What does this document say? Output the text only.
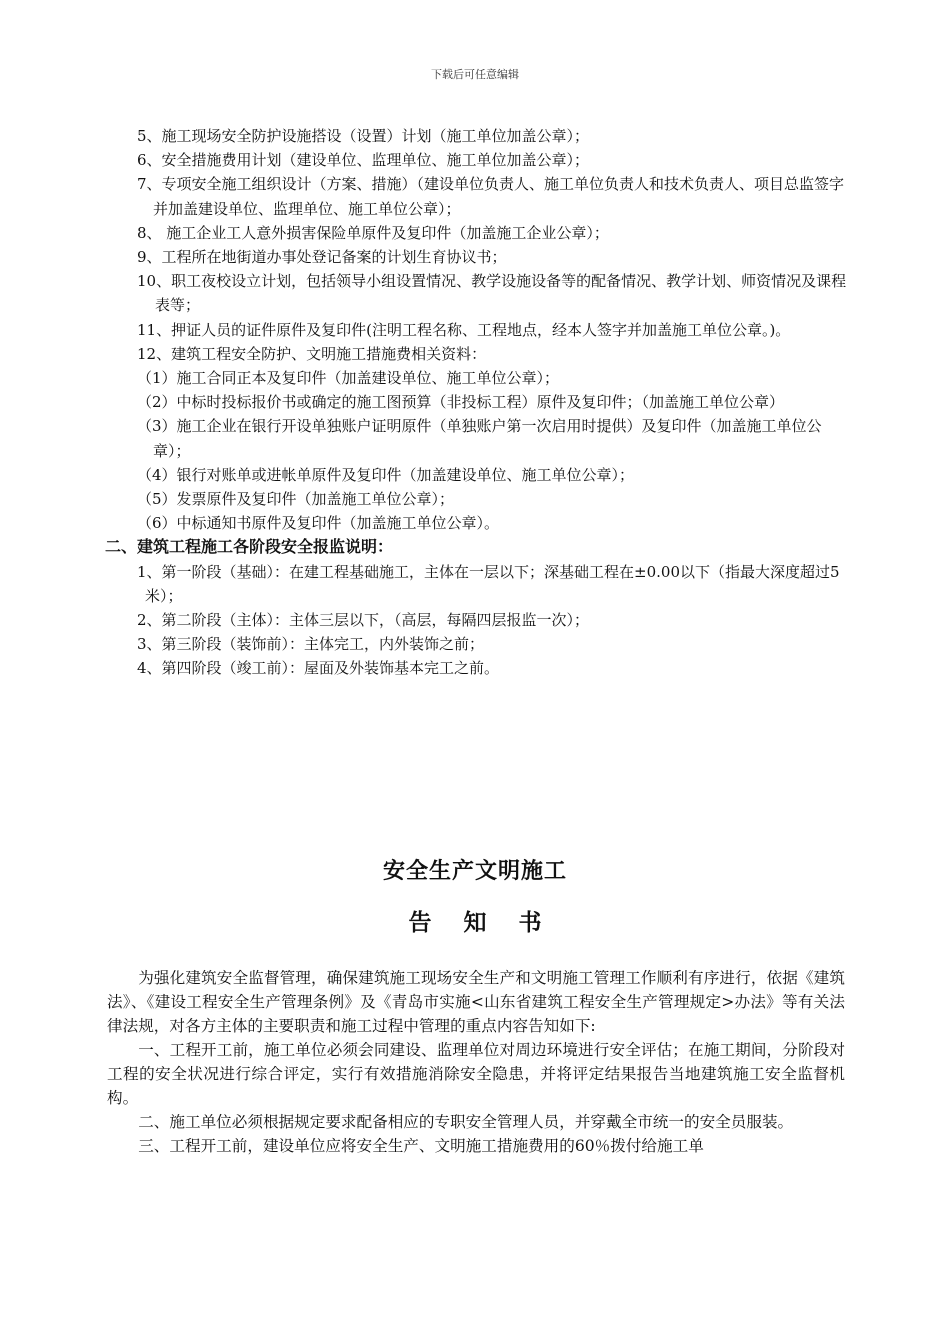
下载后可任意编辑

5、施工现场安全防护设施搭设（设置）计划（施工单位加盖公章）；

6、安全措施费用计划（建设单位、监理单位、施工单位加盖公章）；

7、专项安全施工组织设计（方案、措施）（建设单位负责人、施工单位负责人和技术负责人、项目总监签字并加盖建设单位、监理单位、施工单位公章）；

8、 施工企业工人意外损害保险单原件及复印件（加盖施工企业公章）；

9、工程所在地街道办事处登记备案的计划生育协议书；

10、职工夜校设立计划，包括领导小组设置情况、教学设施设备等的配备情况、教学计划、师资情况及课程表等；

11、押证人员的证件原件及复印件(注明工程名称、工程地点，经本人签字并加盖施工单位公章。)。

12、建筑工程安全防护、文明施工措施费相关资料：

（1）施工合同正本及复印件（加盖建设单位、施工单位公章）；

（2）中标时投标报价书或确定的施工图预算（非投标工程）原件及复印件；（加盖施工单位公章）

（3）施工企业在银行开设单独账户证明原件（单独账户第一次启用时提供）及复印件（加盖施工单位公章）；

（4）银行对账单或进帐单原件及复印件（加盖建设单位、施工单位公章）；

（5）发票原件及复印件（加盖施工单位公章）；

（6）中标通知书原件及复印件（加盖施工单位公章）。

二、建筑工程施工各阶段安全报监说明：

1、第一阶段（基础）：在建工程基础施工，主体在一层以下；深基础工程在±0.00以下（指最大深度超过5米）；

2、第二阶段（主体）：主体三层以下，（高层，每隔四层报监一次）；

3、第三阶段（装饰前）：主体完工，内外装饰之前；

4、第四阶段（竣工前）：屋面及外装饰基本完工之前。

安全生产文明施工
告 知 书

为强化建筑安全监督管理，确保建筑施工现场安全生产和文明施工管理工作顺利有序进行，依据《建筑法》、《建设工程安全生产管理条例》及《青岛市实施<山东省建筑工程安全生产管理规定>办法》等有关法律法规，对各方主体的主要职责和施工过程中管理的重点内容告知如下:

一、工程开工前，施工单位必须会同建设、监理单位对周边环境进行安全评估；在施工期间，分阶段对工程的安全状况进行综合评定，实行有效措施消除安全隐患，并将评定结果报告当地建筑施工安全监督机构。

二、施工单位必须根据规定要求配备相应的专职安全管理人员，并穿戴全市统一的安全员服装。

三、工程开工前，建设单位应将安全生产、文明施工措施费用的60％拨付给施工单
